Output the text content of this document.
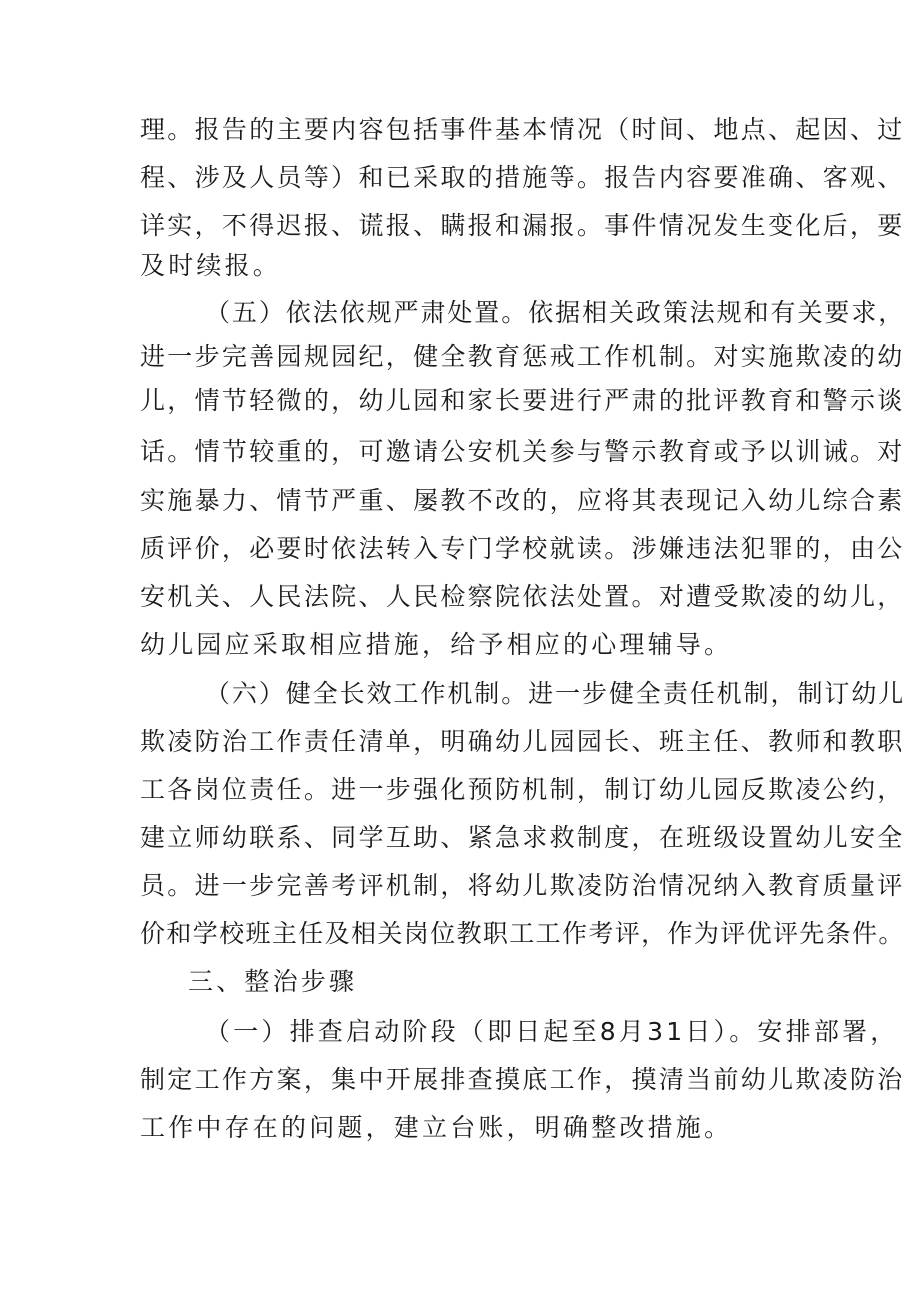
理。报告的主要内容包括事件基本情况（时间、地点、起因、过
程、涉及人员等）和已采取的措施等。报告内容要准确、客观、
详实，不得迟报、谎报、瞒报和漏报。事件情况发生变化后，要
及时续报。
（五）依法依规严肃处置。依据相关政策法规和有关要求，
进一步完善园规园纪，健全教育惩戒工作机制。对实施欺凌的幼
儿，情节轻微的，幼儿园和家长要进行严肃的批评教育和警示谈
话。情节较重的，可邀请公安机关参与警示教育或予以训诫。对
实施暴力、情节严重、屡教不改的，应将其表现记入幼儿综合素
质评价，必要时依法转入专门学校就读。涉嫌违法犯罪的，由公
安机关、人民法院、人民检察院依法处置。对遭受欺凌的幼儿，
幼儿园应采取相应措施，给予相应的心理辅导。
（六）健全长效工作机制。进一步健全责任机制，制订幼儿
欺凌防治工作责任清单，明确幼儿园园长、班主任、教师和教职
工各岗位责任。进一步强化预防机制，制订幼儿园反欺凌公约，
建立师幼联系、同学互助、紧急求救制度，在班级设置幼儿安全
员。进一步完善考评机制，将幼儿欺凌防治情况纳入教育质量评
价和学校班主任及相关岗位教职工工作考评，作为评优评先条件。
三、整治步骤
（一）排查启动阶段（即日起至8月31日）。安排部署，
制定工作方案，集中开展排查摸底工作，摸清当前幼儿欺凌防治
工作中存在的问题，建立台账，明确整改措施。
